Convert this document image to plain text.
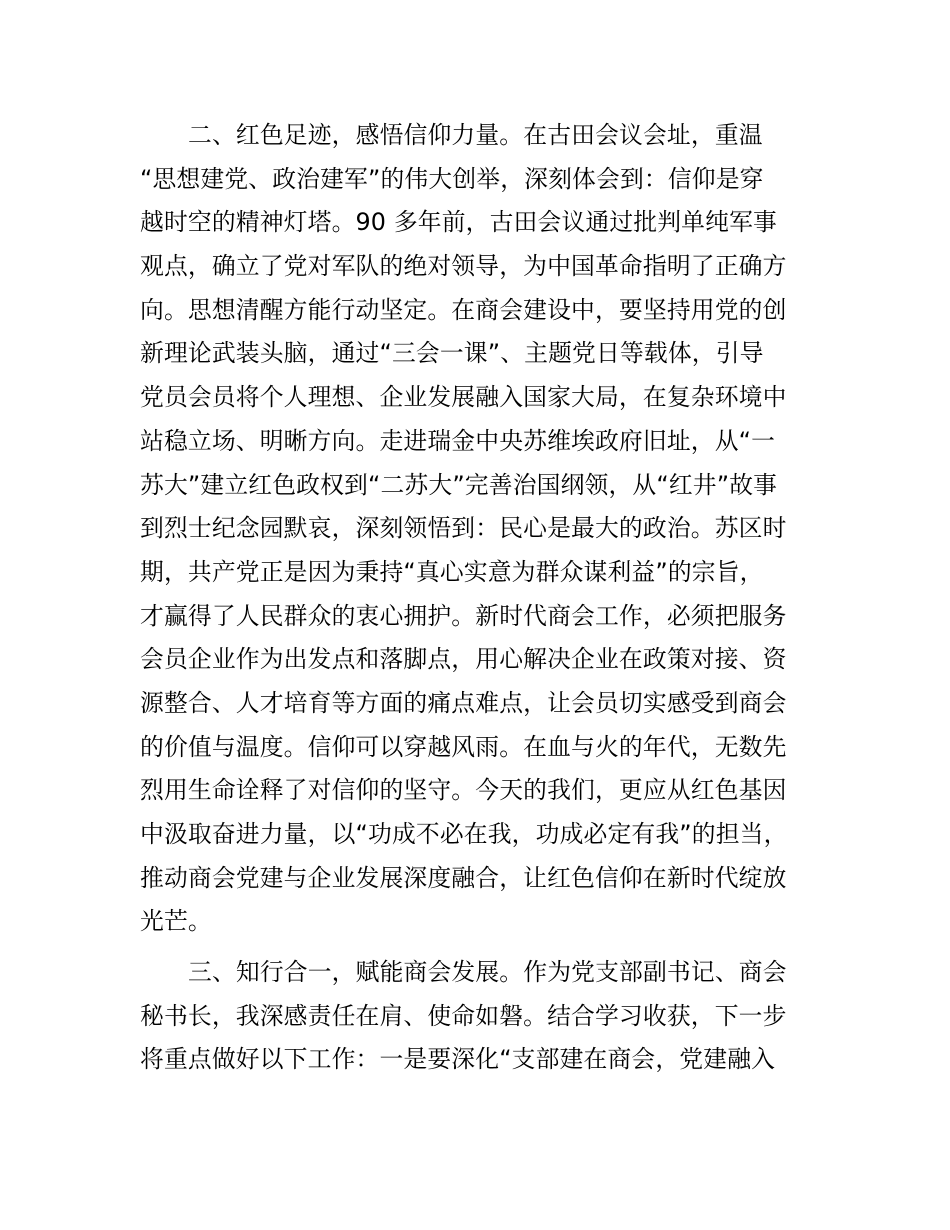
二、红色足迹，感悟信仰力量。在古田会议会址，重温
“思想建党、政治建军”的伟大创举，深刻体会到：信仰是穿
越时空的精神灯塔。90 多年前，古田会议通过批判单纯军事
观点，确立了党对军队的绝对领导，为中国革命指明了正确方
向。思想清醒方能行动坚定。在商会建设中，要坚持用党的创
新理论武装头脑，通过“三会一课”、主题党日等载体，引导
党员会员将个人理想、企业发展融入国家大局，在复杂环境中
站稳立场、明晰方向。走进瑞金中央苏维埃政府旧址，从“一
苏大”建立红色政权到“二苏大”完善治国纲领，从“红井”故事
到烈士纪念园默哀，深刻领悟到：民心是最大的政治。苏区时
期，共产党正是因为秉持“真心实意为群众谋利益”的宗旨，
才赢得了人民群众的衷心拥护。新时代商会工作，必须把服务
会员企业作为出发点和落脚点，用心解决企业在政策对接、资
源整合、人才培育等方面的痛点难点，让会员切实感受到商会
的价值与温度。信仰可以穿越风雨。在血与火的年代，无数先
烈用生命诠释了对信仰的坚守。今天的我们，更应从红色基因
中汲取奋进力量，以“功成不必在我，功成必定有我”的担当，
推动商会党建与企业发展深度融合，让红色信仰在新时代绽放
光芒。
三、知行合一，赋能商会发展。作为党支部副书记、商会
秘书长，我深感责任在肩、使命如磐。结合学习收获，下一步
将重点做好以下工作：一是要深化“支部建在商会，党建融入
